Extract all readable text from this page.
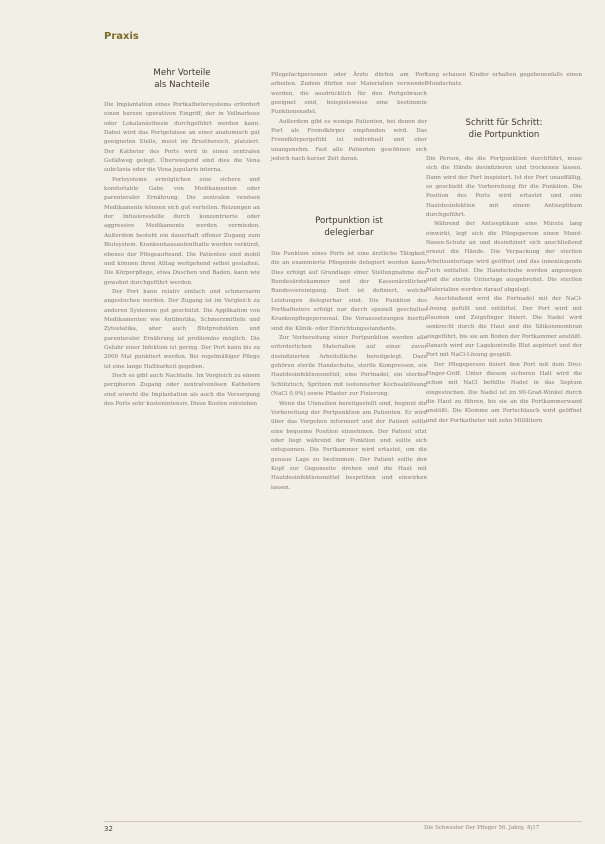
Praxis
Mehr Vorteile
als Nachteile

Die Implantation eines Portkathetersystems erfordert einen kurzen operativen Eingriff, der in Vollnarkose oder Lokalanästhesie durchgeführt werden kann. Dabei wird das Portgehäuse an einer anatomisch gut geeigneten Stelle, meist im Brustbereich, platziert. Der Katheter des Ports wird in einen zentralen Gefäßweg gelegt. Überwiegend sind dies die Vena subclavia oder die Vena jugularis interna.

Portsysteme ermöglichen eine sichere und komfortable Gabe von Medikamenten oder parenteraler Ernährung. Die zentralen venösen Medikamente können sich gut verteilen. Reizungen an der Infusionsstelle durch konzentrierte oder aggressive Medikamente werden vermieden. Außerdem besteht ein dauerhaft offener Zugang zum Blutsystem. Krankenhausaufenthalte werden verkürzt, ebenso der Pflegeaufwand. Die Patienten sind mobil und können ihren Alltag weitgehend selbst gestalten. Die Körperpflege, etwa Duschen und Baden, kann wie gewohnt durchgeführt werden.

Der Port kann relativ einfach und schmerzarm angestochen werden. Der Zugang ist im Vergleich zu anderen Systemen gut geschützt. Die Applikation von Medikamenten wie Antibiotika, Schmerzmitteln und Zytostatika, aber auch Blutprodukten und parenteraler Ernährung ist problemlos möglich. Die Gefahr einer Infektion ist gering. Der Port kann bis zu 2000 Mal punktiert werden. Bei regelmäßiger Pflege ist eine lange Haltbarkeit gegeben.

Doch es gibt auch Nachteile. Im Vergleich zu einem peripheren Zugang oder zentralvenösen Kathetern sind sowohl die Implantation als auch die Versorgung des Ports sehr kostenintensiv. Diese Kosten entstehen

Pflegefachpersonen oder Ärzte dürfen am Port arbeiten. Zudem dürfen nur Materialien verwendet werden, die ausdrücklich für den Portgebrauch geeignet sind, beispielsweise eine bestimmte Punktionsnadel.

Außerdem gibt es wenige Patienten, bei denen der Port als Fremdkörper empfunden wird. Das Fremdkörpergefühl ist individuell und eher unangenehm. Fast alle Patienten gewöhnen sich jedoch nach kurzer Zeit daran.

Portpunktion ist
delegierbar

Die Punktion eines Ports ist eine ärztliche Tätigkeit, die an examinierte Pflegende delegiert werden kann. Dies erfolgt auf Grundlage einer Stellungnahme der Bundesärztekammer und der Kassenärztlichen Bundesvereinigung. Dort ist definiert, welche Leistungen delegierbar sind. Die Punktion des Portkatheters erfolgt nur durch speziell geschultes Krankenpflegepersonal. Die Voraussetzungen hierfür sind die Klinik- oder Einrichtungsstandards.

Zur Vorbereitung einer Portpunktion werden alle erforderlichen Materialien auf einer zuvor desinfizierten Arbeitsfläche bereitgelegt. Dazu gehören sterile Handschuhe, sterile Kompressen, ein Hautdesinfektionsmittel, eine Portnadel, ein steriles Schlitztuch, Spritzen mit isotonischer Kochsalzlösung (NaCl 0,9%) sowie Pflaster zur Fixierung.

Wenn die Utensilien bereitgestellt sind, beginnt die Vorbereitung der Portpunktion am Patienten. Er wird über das Vorgehen informiert und der Patient sollte eine bequeme Position einnehmen. Der Patient sitzt oder liegt während der Punktion und sollte sich entspannen. Die Portkammer wird ertastet, um die genaue Lage zu bestimmen. Der Patient sollte den Kopf zur Gegenseite drehen und die Haut mit Hautdesinfektionsmittel besprühen und einwirken lassen.

tung schauen Kinder erhalten gegebenenfalls einen Mundschutz.

Schritt für Schritt:
die Portpunktion

Die Person, die die Portpunktion durchführt, muss sich die Hände desinfizieren und trockenen lassen. Dann wird der Port inspiziert. Ist der Port unauffällig, so geschieht die Vorbereitung für die Punktion. Die Position des Ports wird ertastet und eine Hautdesinfektion mit einem Antiseptikum durchgeführt.

Während der Antiseptikum eine Minute lang einwirkt, legt sich die Pflegeperson einen Mund-Nasen-Schutz an und desinfiziert sich anschließend erneut die Hände. Die Verpackung der sterilen Arbeitsunterlage wird geöffnet und das innenliegende Tuch entfaltet. Die Handschuhe werden angezogen und die sterile Unterlage ausgebreitet. Die sterilen Materialien werden darauf abgelegt.

Anschließend wird die Portnadel mit der NaCl-Lösung gefüllt und entlüftet. Der Port wird mit Daumen und Zeigefinger fixiert. Die Nadel wird senkrecht durch die Haut und die Silikonmembran eingeführt, bis sie am Boden der Portkammer anstößt. Danach wird zur Lagekontrolle Blut aspiriert und der Port mit NaCl-Lösung gespült.

Der Pflegeperson fixiert den Port mit dem Drei-Finger-Griff. Unter diesem sicheren Halt wird die schon mit NaCl befüllte Nadel in das Septum eingestochen. Die Nadel ist im 90-Grad-Winkel durch die Haut zu führen, bis sie an die Portkammerwand anstößt. Die Klemme am Portschlauch wird geöffnet und der Portkatheter mit zehn Millilitern

32	Die Schwester Der Pfleger 56. Jahrg. 8|17
